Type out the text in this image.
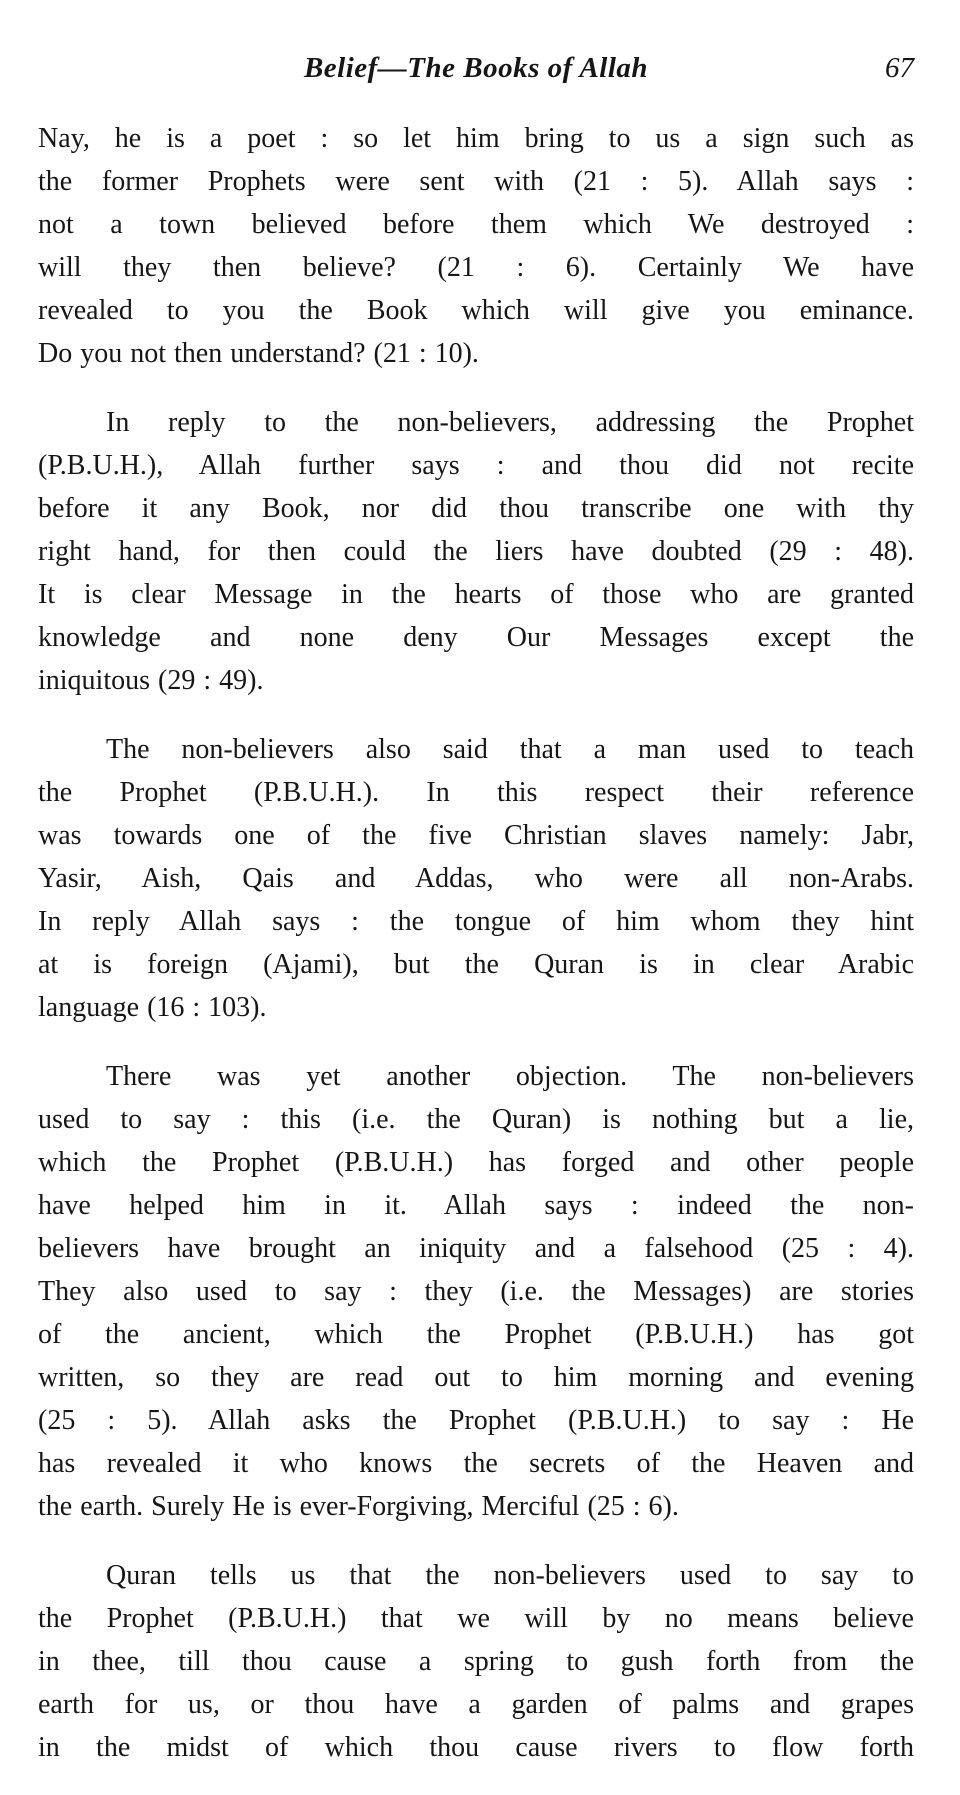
Belief—The Books of Allah	67
Nay, he is a poet : so let him bring to us a sign such as
the former Prophets were sent with (21 : 5). Allah says :
not a town believed before them which We destroyed :
will they then believe? (21 : 6). Certainly We have
revealed to you the Book which will give you eminance.
Do you not then understand? (21 : 10).
In reply to the non-believers, addressing the Prophet
(P.B.U.H.), Allah further says : and thou did not recite
before it any Book, nor did thou transcribe one with thy
right hand, for then could the liers have doubted (29 : 48).
It is clear Message in the hearts of those who are granted
knowledge and none deny Our Messages except the
iniquitous (29 : 49).
The non-believers also said that a man used to teach
the Prophet (P.B.U.H.). In this respect their reference
was towards one of the five Christian slaves namely: Jabr,
Yasir, Aish, Qais and Addas, who were all non-Arabs.
In reply Allah says : the tongue of him whom they hint
at is foreign (Ajami), but the Quran is in clear Arabic
language (16 : 103).
There was yet another objection. The non-believers
used to say : this (i.e. the Quran) is nothing but a lie,
which the Prophet (P.B.U.H.) has forged and other people
have helped him in it. Allah says : indeed the non-
believers have brought an iniquity and a falsehood (25 : 4).
They also used to say : they (i.e. the Messages) are stories
of the ancient, which the Prophet (P.B.U.H.) has got
written, so they are read out to him morning and evening
(25 : 5). Allah asks the Prophet (P.B.U.H.) to say : He
has revealed it who knows the secrets of the Heaven and
the earth. Surely He is ever-Forgiving, Merciful (25 : 6).
Quran tells us that the non-believers used to say to
the Prophet (P.B.U.H.) that we will by no means believe
in thee, till thou cause a spring to gush forth from the
earth for us, or thou have a garden of palms and grapes
in the midst of which thou cause rivers to flow forth
